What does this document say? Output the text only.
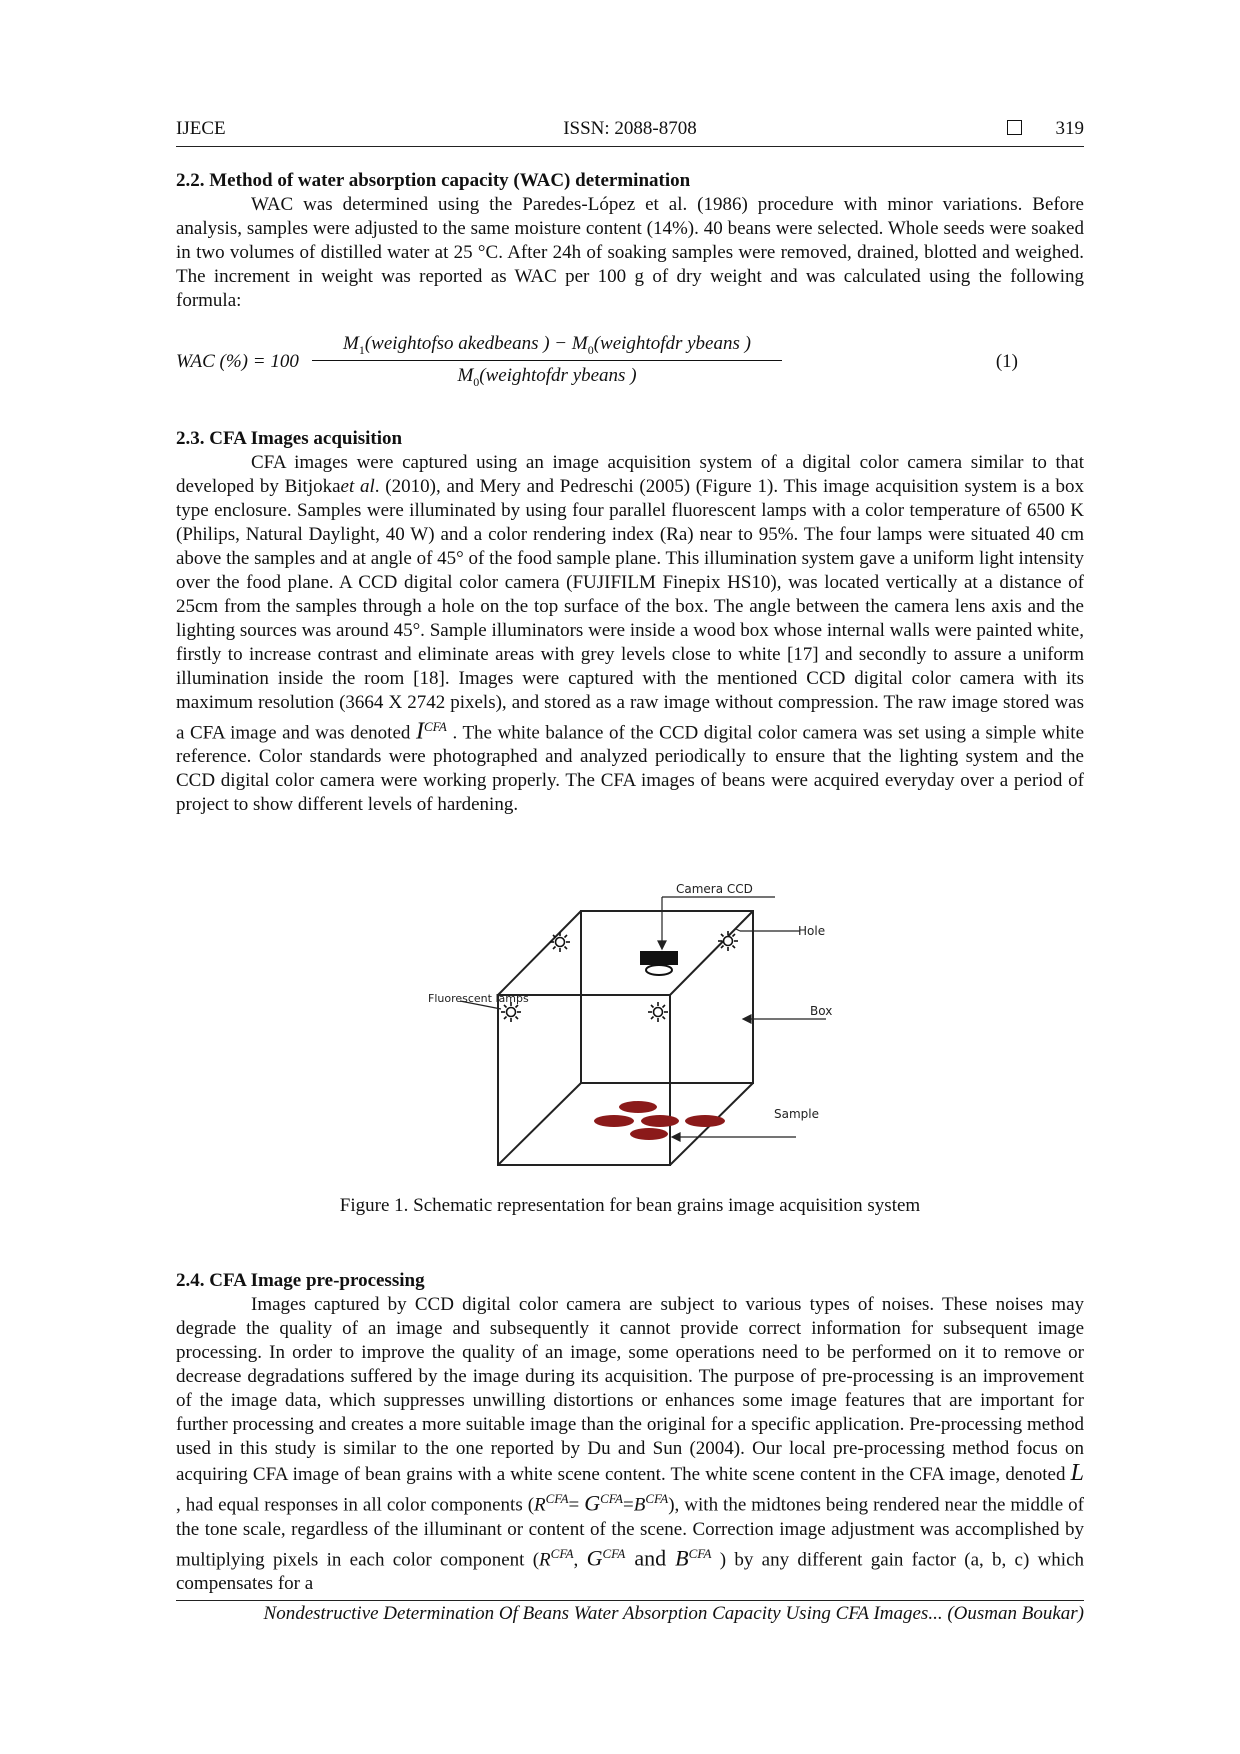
IJECE	ISSN: 2088-8708	319
2.2. Method of water absorption capacity (WAC) determination

WAC was determined using the Paredes-López et al. (1986) procedure with minor variations. Before analysis, samples were adjusted to the same moisture content (14%). 40 beans were selected. Whole seeds were soaked in two volumes of distilled water at 25 °C. After 24h of soaking samples were removed, drained, blotted and weighed. The increment in weight was reported as WAC per 100 g of dry weight and was calculated using the following formula:

WAC (%) = 100
$M_1(weightofso$ akedbeans ) − $M_0(weightofdr$ ybeans )
$M_0(weightofdr$ ybeans )
(1)
2.3. CFA Images acquisition

CFA images were captured using an image acquisition system of a digital color camera similar to that developed by Bitjokaet al. (2010), and Mery and Pedreschi (2005) (Figure 1). This image acquisition system is a box type enclosure. Samples were illuminated by using four parallel fluorescent lamps with a color temperature of 6500 K (Philips, Natural Daylight, 40 W) and a color rendering index (Ra) near to 95%. The four lamps were situated 40 cm above the samples and at angle of 45° of the food sample plane. This illumination system gave a uniform light intensity over the food plane. A CCD digital color camera (FUJIFILM Finepix HS10), was located vertically at a distance of 25cm from the samples through a hole on the top surface of the box. The angle between the camera lens axis and the lighting sources was around 45°. Sample illuminators were inside a wood box whose internal walls were painted white, firstly to increase contrast and eliminate areas with grey levels close to white [17] and secondly to assure a uniform illumination inside the room [18]. Images were captured with the mentioned CCD digital color camera with its maximum resolution (3664 X 2742 pixels), and stored as a raw image without compression. The raw image stored was a CFA image and was denoted $I^{CFA}$ . The white balance of the CCD digital color camera was set using a simple white reference. Color standards were photographed and analyzed periodically to ensure that the lighting system and the CCD digital color camera were working properly. The CFA images of beans were acquired everyday over a period of project to show different levels of hardening.

Camera CCD
Hole
Fluorescent lamps
Box
Sample
Figure 1. Schematic representation for bean grains image acquisition system
2.4. CFA Image pre-processing

Images captured by CCD digital color camera are subject to various types of noises. These noises may degrade the quality of an image and subsequently it cannot provide correct information for subsequent image processing. In order to improve the quality of an image, some operations need to be performed on it to remove or decrease degradations suffered by the image during its acquisition. The purpose of pre-processing is an improvement of the image data, which suppresses unwilling distortions or enhances some image features that are important for further processing and creates a more suitable image than the original for a specific application. Pre-processing method used in this study is similar to the one reported by Du and Sun (2004). Our local pre-processing method focus on acquiring CFA image of bean grains with a white scene content. The white scene content in the CFA image, denoted L , had equal responses in all color components $(R^{CFA}= G^{CFA}=B^{CFA})$, with the midtones being rendered near the middle of the tone scale, regardless of the illuminant or content of the scene. Correction image adjustment was accomplished by multiplying pixels in each color component ($R^{CFA}$, $G^{CFA}$ and $B^{CFA}$ ) by any different gain factor (a, b, c) which compensates for a

Nondestructive Determination Of Beans Water Absorption Capacity Using CFA Images... (Ousman Boukar)
